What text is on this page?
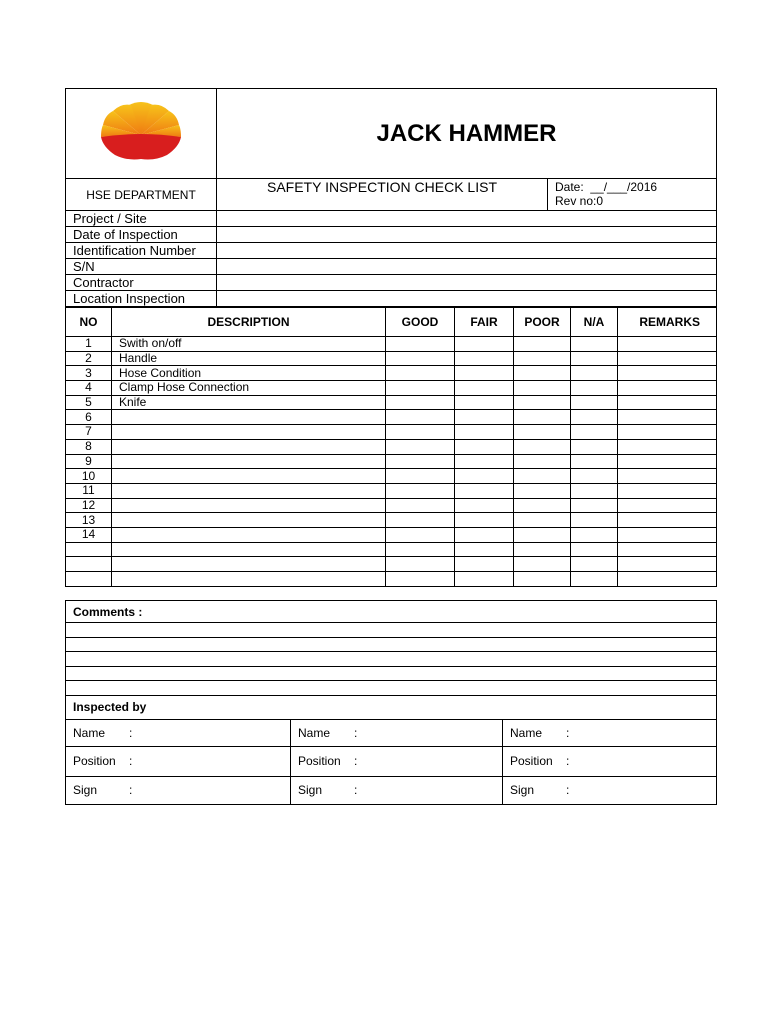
	JACK HAMMER	
HSE DEPARTMENT	SAFETY INSPECTION CHECK LIST	Date:  __/___/2016
Rev no:0

Project / Site		
Date of Inspection		
Identification Number		
S/N		
Contractor		
Location Inspection		
NO	DESCRIPTION	GOOD	FAIR	POOR	N/A	REMARKS
1	Swith on/off					
2	Handle					
3	Hose Condition					
4	Clamp Hose Connection					
5	Knife					
6						
7						
8						
9						
10						
11						
12						
13						
14						

Comments :		

Inspected by		
Name :	Name :	Name :
Position :	Position :	Position :
Sign :	Sign :	Sign :
